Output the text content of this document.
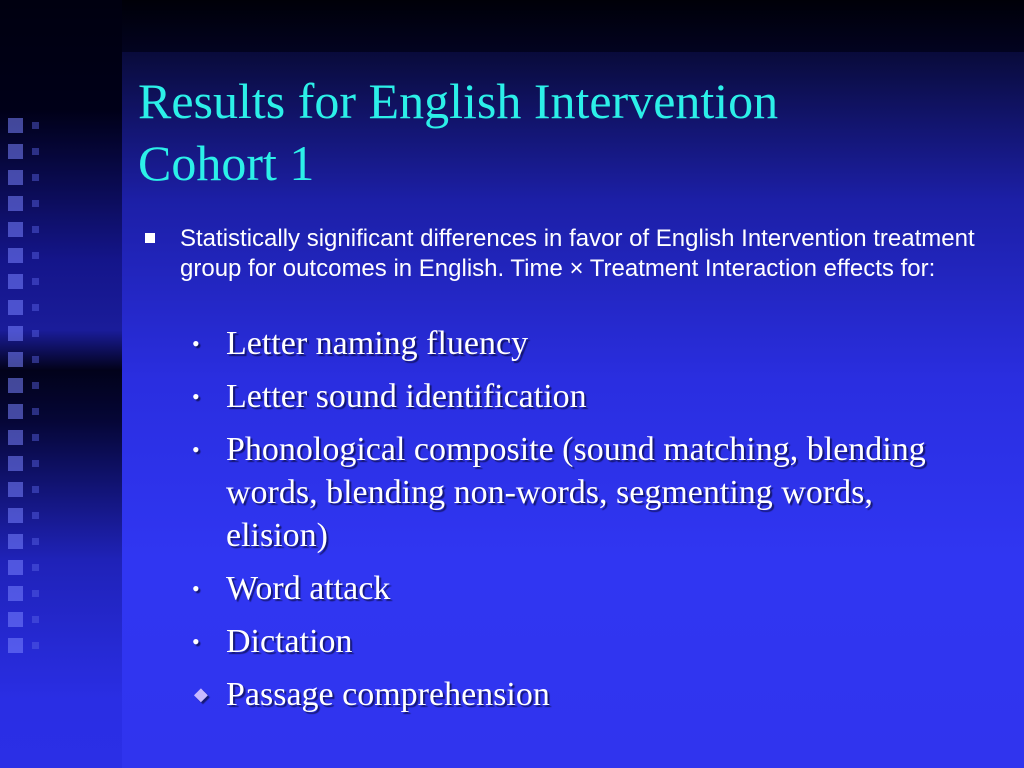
Results for English Intervention
Cohort 1
Statistically significant differences in favor of English Intervention treatment group for outcomes in English. Time × Treatment Interaction effects for:
• Letter naming fluency
• Letter sound identification
• Phonological composite (sound matching, blending words, blending non-words, segmenting words, elision)
• Word attack
• Dictation
◆ Passage comprehension
